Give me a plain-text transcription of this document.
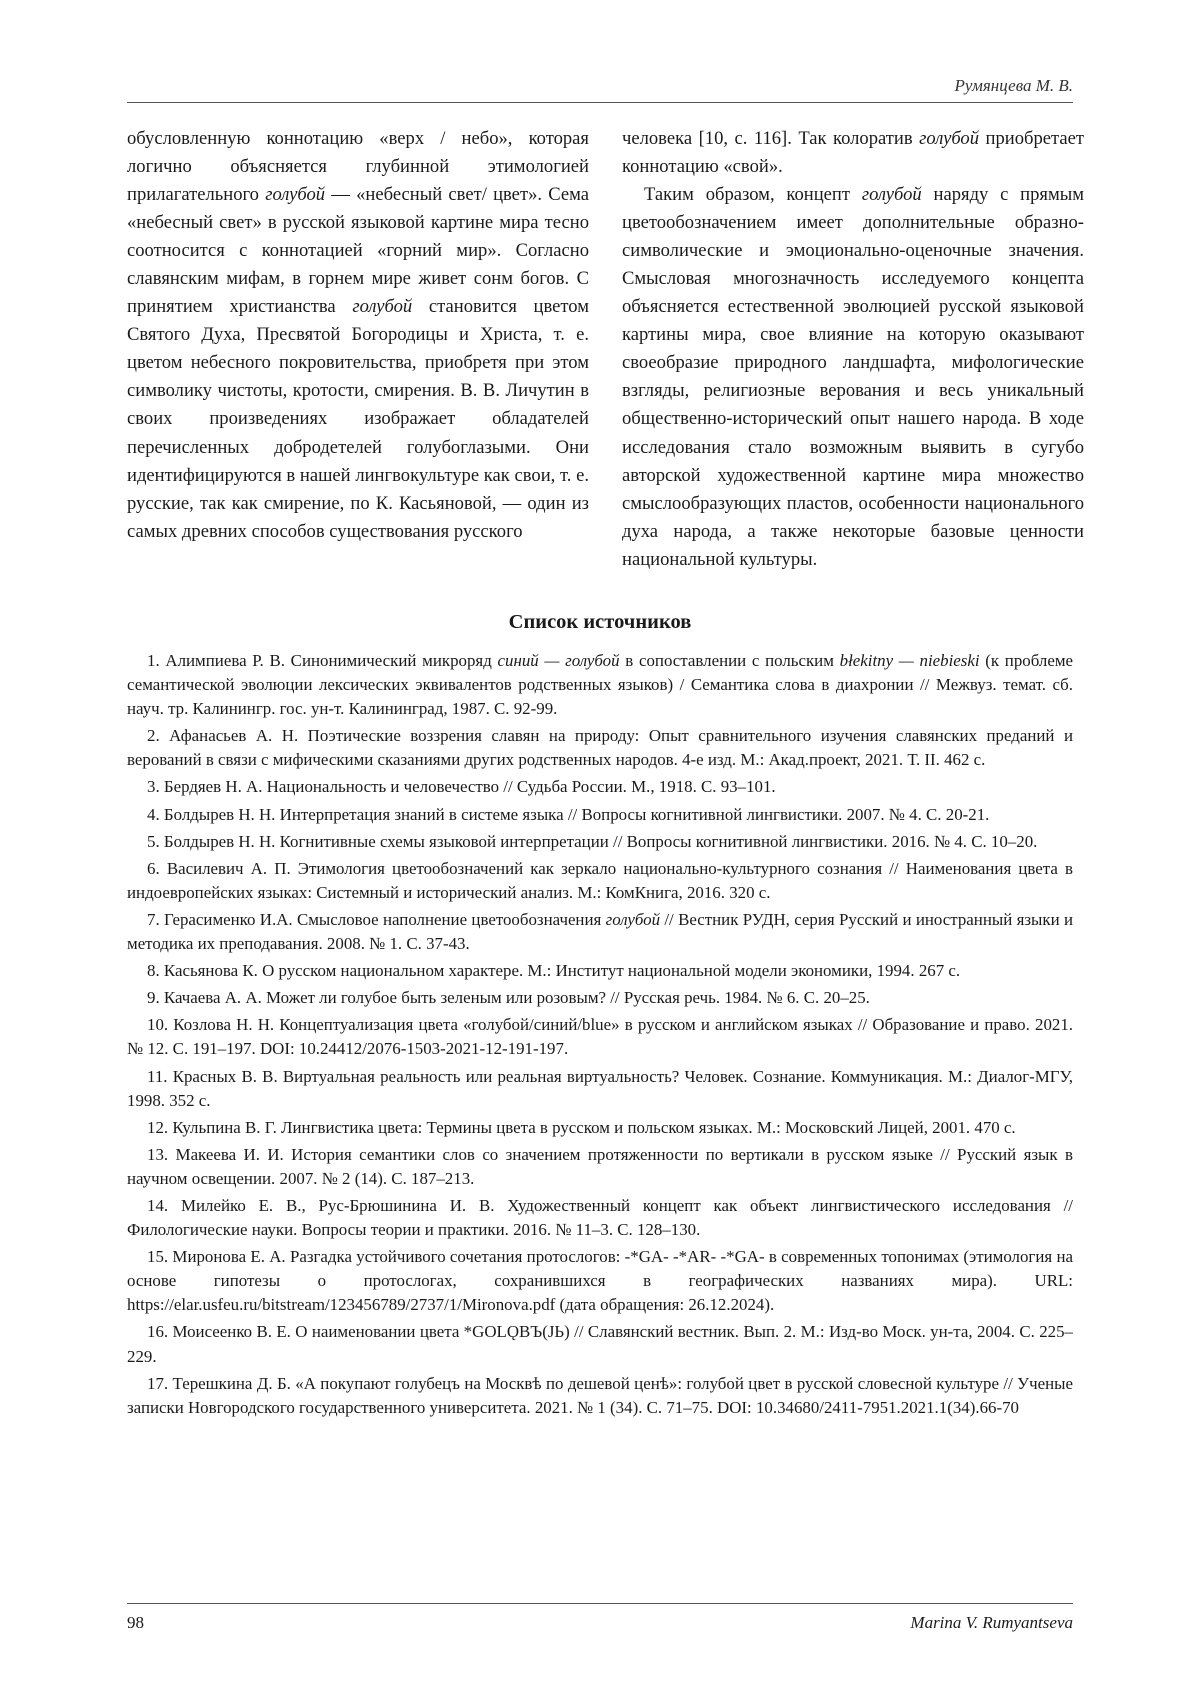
Румянцева М. В.

обусловленную коннотацию «верх / небо», которая логично объясняется глубинной этимологией прилагательного голубой — «небесный свет/ цвет». Сема «небесный свет» в русской языковой картине мира тесно соотносится с коннотацией «горний мир». Согласно славянским мифам, в горнем мире живет сонм богов. С принятием христианства голубой становится цветом Святого Духа, Пресвятой Богородицы и Христа, т. е. цветом небесного покровительства, приобретя при этом символику чистоты, кротости, смирения. В. В. Личутин в своих произведениях изображает обладателей перечисленных добродетелей голубоглазыми. Они идентифицируются в нашей лингвокультуре как свои, т. е. русские, так как смирение, по К. Касьяновой, — один из самых древних способов существования русского

человека [10, с. 116]. Так колоратив голубой приобретает коннотацию «свой».

Таким образом, концепт голубой наряду с прямым цветообозначением имеет дополнительные образно-символические и эмоционально-оценочные значения. Смысловая многозначность исследуемого концепта объясняется естественной эволюцией русской языковой картины мира, свое влияние на которую оказывают своеобразие природного ландшафта, мифологические взгляды, религиозные верования и весь уникальный общественно-исторический опыт нашего народа. В ходе исследования стало возможным выявить в сугубо авторской художественной картине мира множество смыслообразующих пластов, особенности национального духа народа, а также некоторые базовые ценности национальной культуры.

Список источников
1. Алимпиева Р. В. Синонимический микроряд синий — голубой в сопоставлении с польским błekitny — niebieski (к проблеме семантической эволюции лексических эквивалентов родственных языков) / Семантика слова в диахронии // Межвуз. темат. сб. науч. тр. Калинингр. гос. ун-т. Калининград, 1987. С. 92-99.
2. Афанасьев А. Н. Поэтические воззрения славян на природу: Опыт сравнительного изучения славянских преданий и верований в связи с мифическими сказаниями других родственных народов. 4-е изд. М.: Акад.проект, 2021. Т. II. 462 с.
3. Бердяев Н. А. Национальность и человечество // Судьба России. М., 1918. С. 93–101.
4. Болдырев Н. Н. Интерпретация знаний в системе языка // Вопросы когнитивной лингвистики. 2007. № 4. С. 20-21.
5. Болдырев Н. Н. Когнитивные схемы языковой интерпретации // Вопросы когнитивной лингвистики. 2016. № 4. С. 10–20.
6. Василевич А. П. Этимология цветообозначений как зеркало национально-культурного сознания // Наименования цвета в индоевропейских языках: Системный и исторический анализ. М.: КомКнига, 2016. 320 с.
7. Герасименко И.А. Смысловое наполнение цветообозначения голубой // Вестник РУДН, серия Русский и иностранный языки и методика их преподавания. 2008. № 1. С. 37-43.
8. Касьянова К. О русском национальном характере. М.: Институт национальной модели экономики, 1994. 267 с.
9. Качаева А. А. Может ли голубое быть зеленым или розовым? // Русская речь. 1984. № 6. С. 20–25.
10. Козлова Н. Н. Концептуализация цвета «голубой/синий/blue» в русском и английском языках // Образование и право. 2021. № 12. С. 191–197. DOI: 10.24412/2076-1503-2021-12-191-197.
11. Красных В. В. Виртуальная реальность или реальная виртуальность? Человек. Сознание. Коммуникация. М.: Диалог-МГУ, 1998. 352 с.
12. Кульпина В. Г. Лингвистика цвета: Термины цвета в русском и польском языках. М.: Московский Лицей, 2001. 470 с.
13. Макеева И. И. История семантики слов со значением протяженности по вертикали в русском языке // Русский язык в научном освещении. 2007. № 2 (14). С. 187–213.
14. Милейко Е. В., Рус-Брюшинина И. В. Художественный концепт как объект лингвистического исследования // Филологические науки. Вопросы теории и практики. 2016. № 11–3. С. 128–130.
15. Миронова Е. А. Разгадка устойчивого сочетания протослогов: -*GA- -*AR- -*GA- в современных топонимах (этимология на основе гипотезы о протослогах, сохранившихся в географических названиях мира). URL: https://elar.usfeu.ru/bitstream/123456789/2737/1/Mironova.pdf (дата обращения: 26.12.2024).
16. Моисеенко В. Е. О наименовании цвета *GOLǪBЪ(JЬ) // Славянский вестник. Вып. 2. М.: Изд-во Моск. ун-та, 2004. С. 225–229.
17. Терешкина Д. Б. «А покупают голубецъ на Москвѣ по дешевой ценѣ»: голубой цвет в русской словесной культуре // Ученые записки Новгородского государственного университета. 2021. № 1 (34). С. 71–75. DOI: 10.34680/2411-7951.2021.1(34).66-70
98	Marina V. Rumyantseva
